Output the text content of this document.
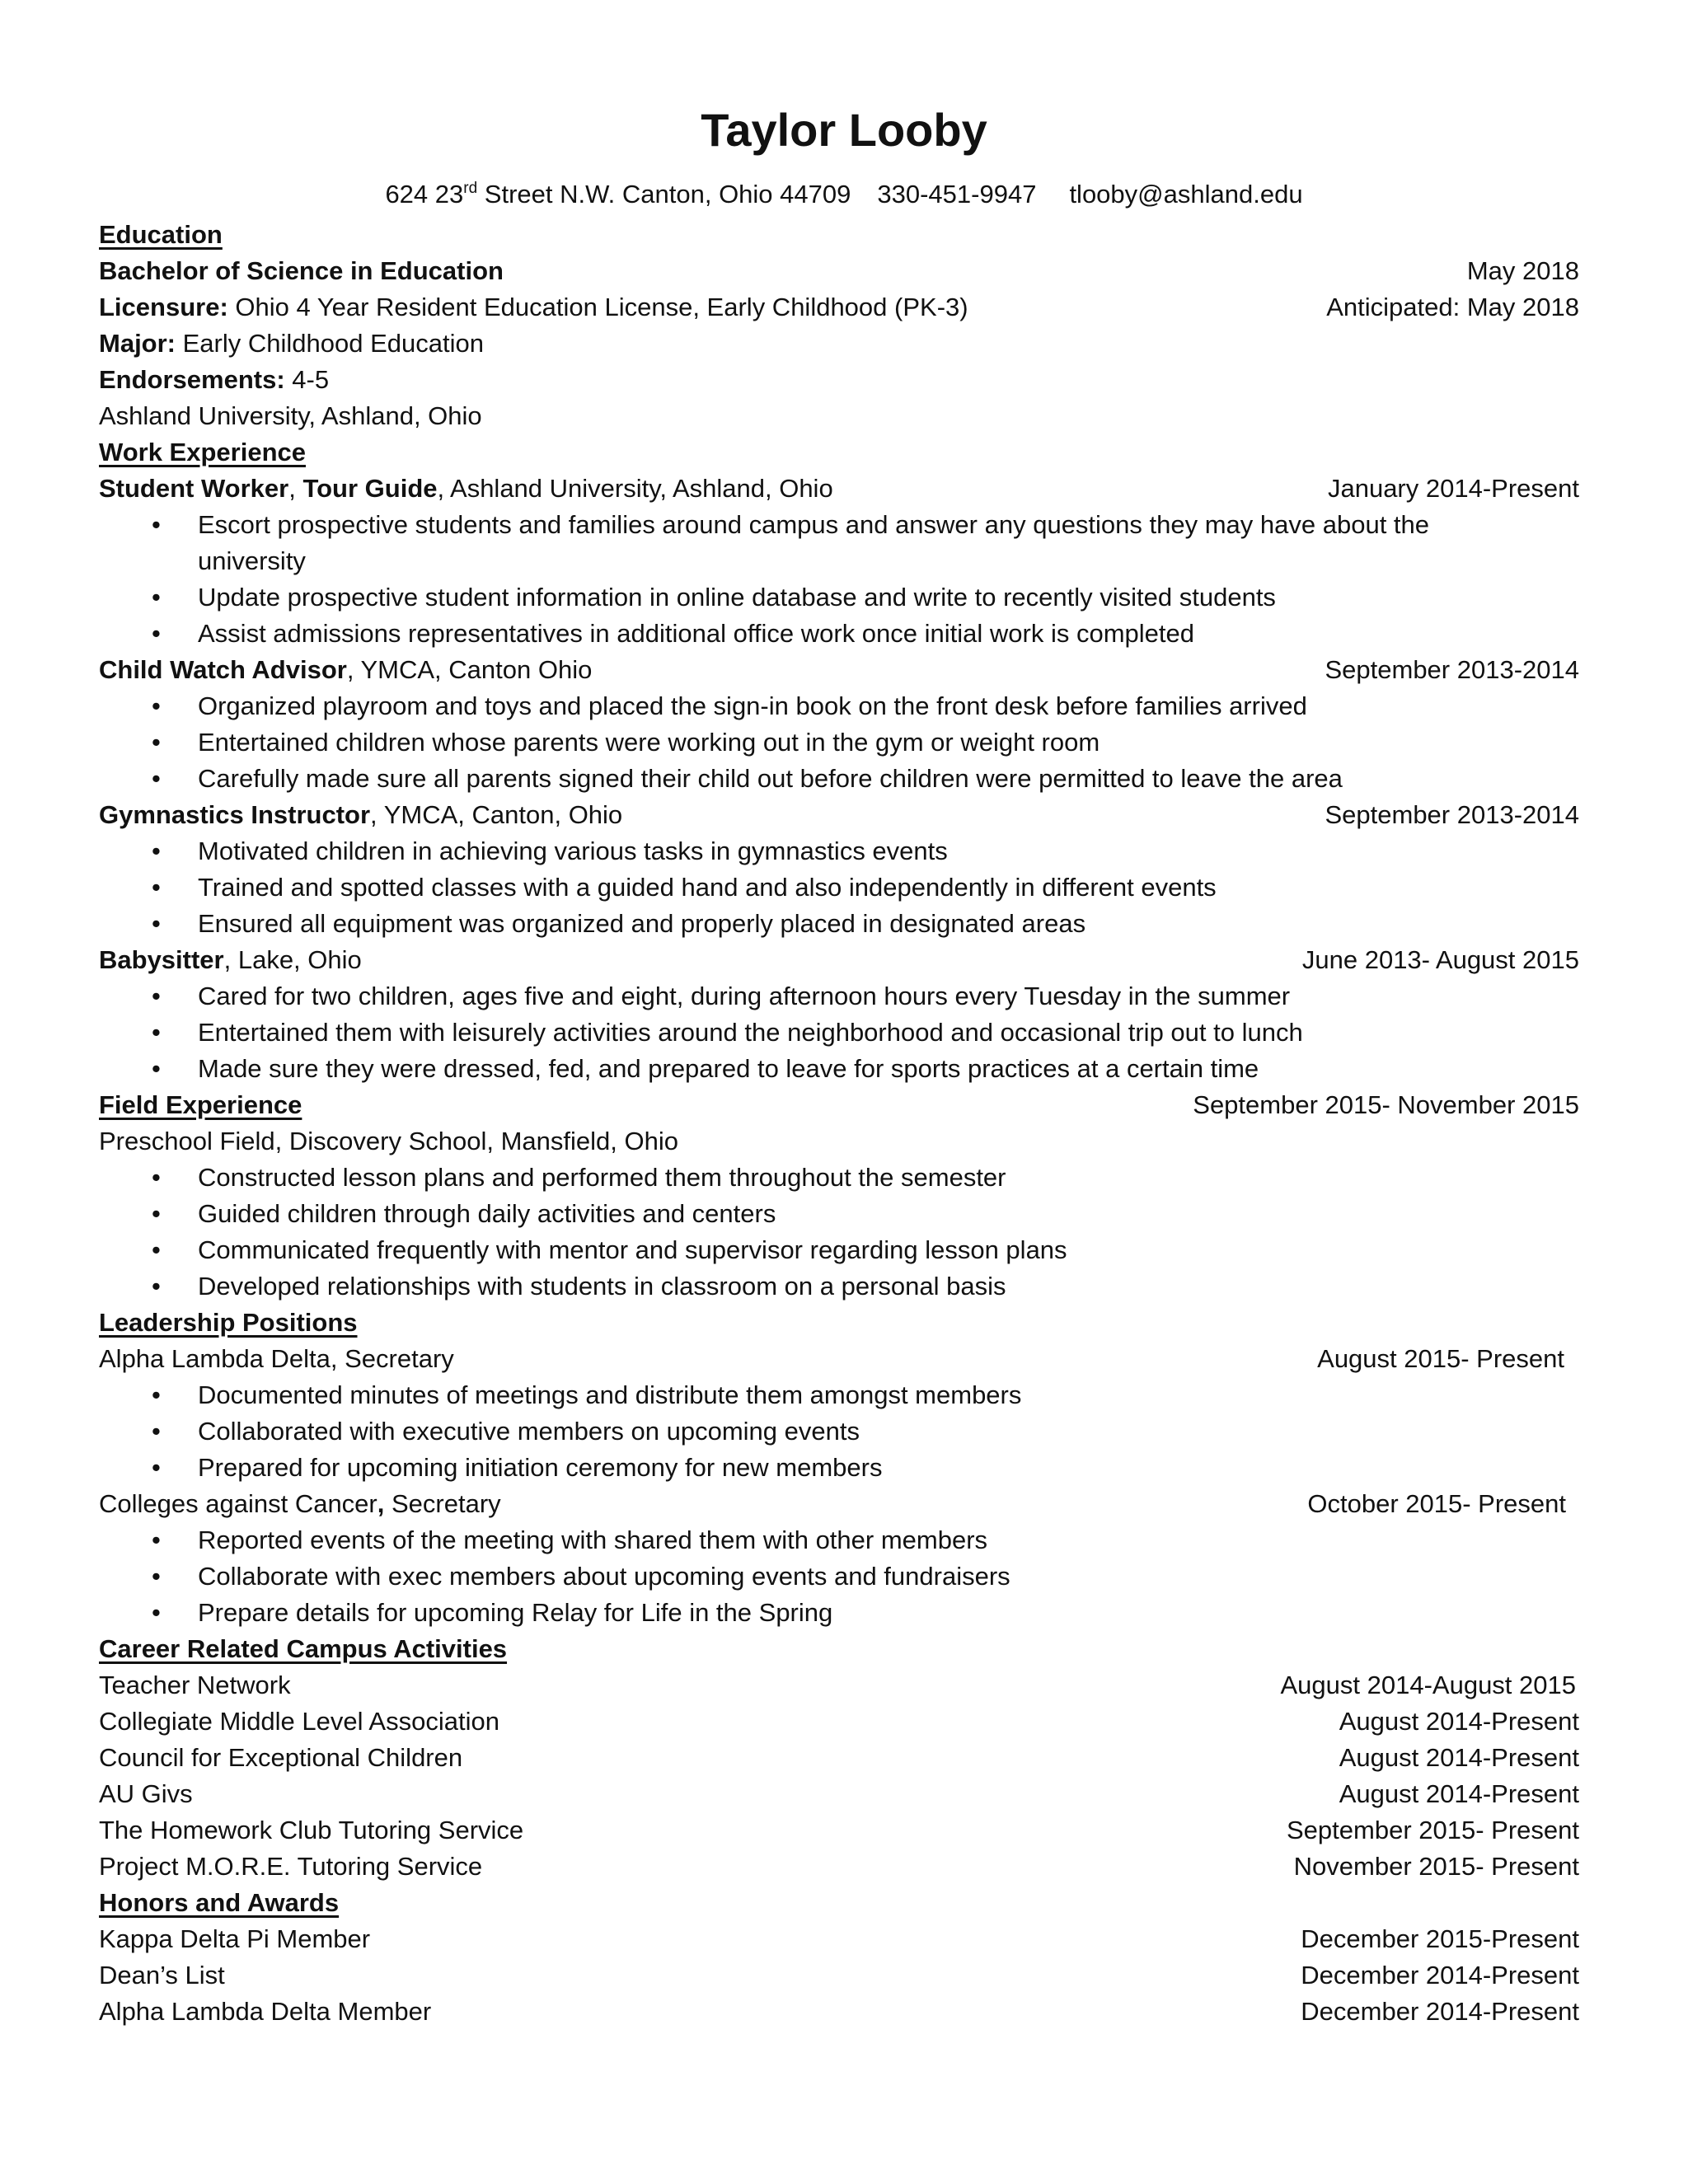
Taylor Looby
624 23rd Street N.W. Canton, Ohio 44709 330-451-9947 tlooby@ashland.edu
Education
Bachelor of Science in Education	May 2018
Licensure: Ohio 4 Year Resident Education License, Early Childhood (PK-3)	Anticipated: May 2018
Major: Early Childhood Education
Endorsements: 4-5
Ashland University, Ashland, Ohio
Work Experience
Student Worker, Tour Guide, Ashland University, Ashland, Ohio	January 2014-Present
• Escort prospective students and families around campus and answer any questions they may have about the university
• Update prospective student information in online database and write to recently visited students
• Assist admissions representatives in additional office work once initial work is completed
Child Watch Advisor, YMCA, Canton Ohio	September 2013-2014
• Organized playroom and toys and placed the sign-in book on the front desk before families arrived
• Entertained children whose parents were working out in the gym or weight room
• Carefully made sure all parents signed their child out before children were permitted to leave the area
Gymnastics Instructor, YMCA, Canton, Ohio	September 2013-2014
• Motivated children in achieving various tasks in gymnastics events
• Trained and spotted classes with a guided hand and also independently in different events
• Ensured all equipment was organized and properly placed in designated areas
Babysitter, Lake, Ohio	June 2013- August 2015
• Cared for two children, ages five and eight, during afternoon hours every Tuesday in the summer
• Entertained them with leisurely activities around the neighborhood and occasional trip out to lunch
• Made sure they were dressed, fed, and prepared to leave for sports practices at a certain time
Field Experience	September 2015- November 2015
Preschool Field, Discovery School, Mansfield, Ohio
• Constructed lesson plans and performed them throughout the semester
• Guided children through daily activities and centers
• Communicated frequently with mentor and supervisor regarding lesson plans
• Developed relationships with students in classroom on a personal basis
Leadership Positions
Alpha Lambda Delta, Secretary	August 2015- Present
• Documented minutes of meetings and distribute them amongst members
• Collaborated with executive members on upcoming events
• Prepared for upcoming initiation ceremony for new members
Colleges against Cancer, Secretary	October 2015- Present
• Reported events of the meeting with shared them with other members
• Collaborate with exec members about upcoming events and fundraisers
• Prepare details for upcoming Relay for Life in the Spring
Career Related Campus Activities
Teacher Network	August 2014-August 2015
Collegiate Middle Level Association	August 2014-Present
Council for Exceptional Children	August 2014-Present
AU Givs	August 2014-Present
The Homework Club Tutoring Service	September 2015- Present
Project M.O.R.E. Tutoring Service	November 2015- Present
Honors and Awards
Kappa Delta Pi Member	December 2015-Present
Dean’s List	December 2014-Present
Alpha Lambda Delta Member	December 2014-Present
